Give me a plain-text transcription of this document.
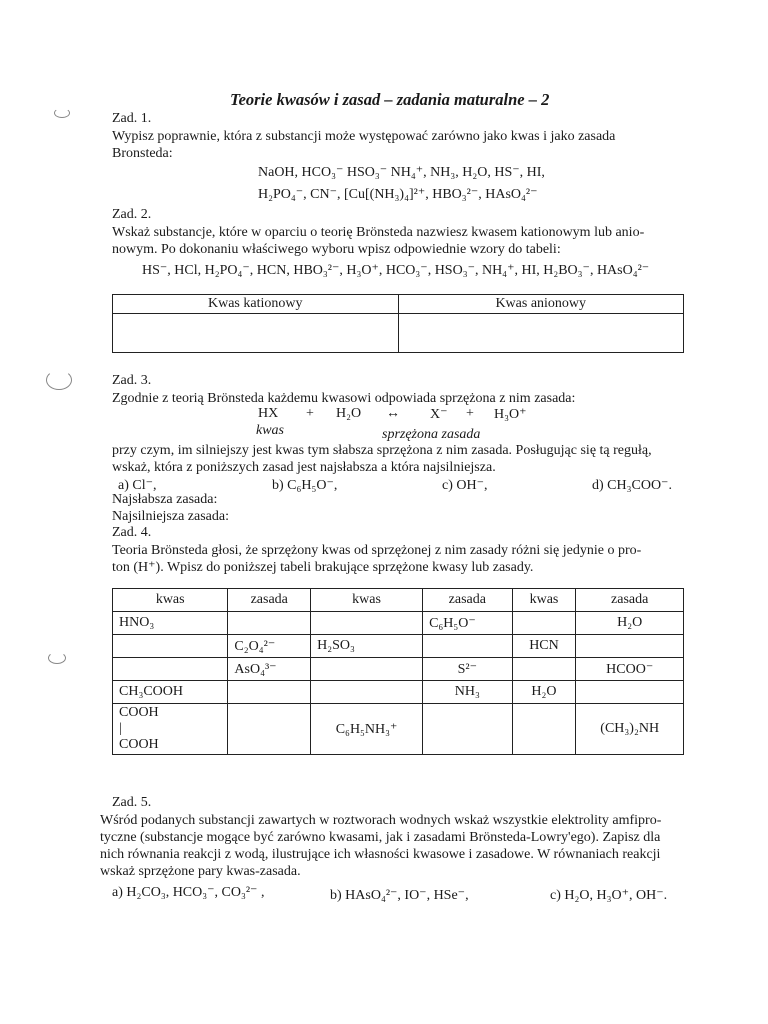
Teorie kwasów i zasad – zadania maturalne – 2
Zad. 1.
Wypisz poprawnie, która z substancji może występować zarówno jako kwas i jako zasada
Bronsteda:
NaOH, HCO₃⁻ HSO₃⁻ NH₄⁺, NH₃, H₂O, HS⁻, HI,
H₂PO₄⁻, CN⁻, [Cu[(NH₃)₄]²⁺, HBO₃²⁻, HAsO₄²⁻
Zad. 2.
Wskaż substancje, które w oparciu o teorię Brönsteda nazwiesz kwasem kationowym lub anio-
nowym. Po dokonaniu właściwego wyboru wpisz odpowiednie wzory do tabeli:
HS⁻, HCl, H₂PO₄⁻, HCN, HBO₃²⁻, H₃O⁺, HCO₃⁻, HSO₃⁻, NH₄⁺, HI, H₂BO₃⁻, HAsO₄²⁻
Kwas kationowy	Kwas anionowy

Zad. 3.
Zgodnie z teorią Brönsteda każdemu kwasowi odpowiada sprzężona z nim zasada:
HX + H₂O ↔ X⁻ + H₃O⁺
kwas	sprzężona zasada
przy czym, im silniejszy jest kwas tym słabsza sprzężona z nim zasada. Posługując się tą regułą,
wskaż, która z poniższych zasad jest najsłabsza a która najsilniejsza.
a) Cl⁻,	b) C₆H₅O⁻,	c) OH⁻,	d) CH₃COO⁻.
Najsłabsza zasada:
Najsilniejsza zasada:
Zad. 4.
Teoria Brönsteda głosi, że sprzężony kwas od sprzężonej z nim zasady różni się jedynie o pro-
ton (H⁺). Wpisz do poniższej tabeli brakujące sprzężone kwasy lub zasady.
kwas	zasada	kwas	zasada	kwas	zasada
HNO₃			C₆H₅O⁻		H₂O
	C₂O₄²⁻	H₂SO₃		HCN	
	AsO₄³⁻		S²⁻		HCOO⁻
CH₃COOH			NH₃	H₂O	
COOH
|
COOH		C₆H₅NH₃⁺			(CH₃)₂NH
Zad. 5.
Wśród podanych substancji zawartych w roztworach wodnych wskaż wszystkie elektrolity amfipro-
tyczne (substancje mogące być zarówno kwasami, jak i zasadami Brönsteda-Lowry'ego). Zapisz dla
nich równania reakcji z wodą, ilustrujące ich własności kwasowe i zasadowe. W równaniach reakcji
wskaż sprzężone pary kwas-zasada.
a) H₂CO₃, HCO₃⁻, CO₃²⁻ ,	b) HAsO₄²⁻, IO⁻, HSe⁻,	c) H₂O, H₃O⁺, OH⁻.
